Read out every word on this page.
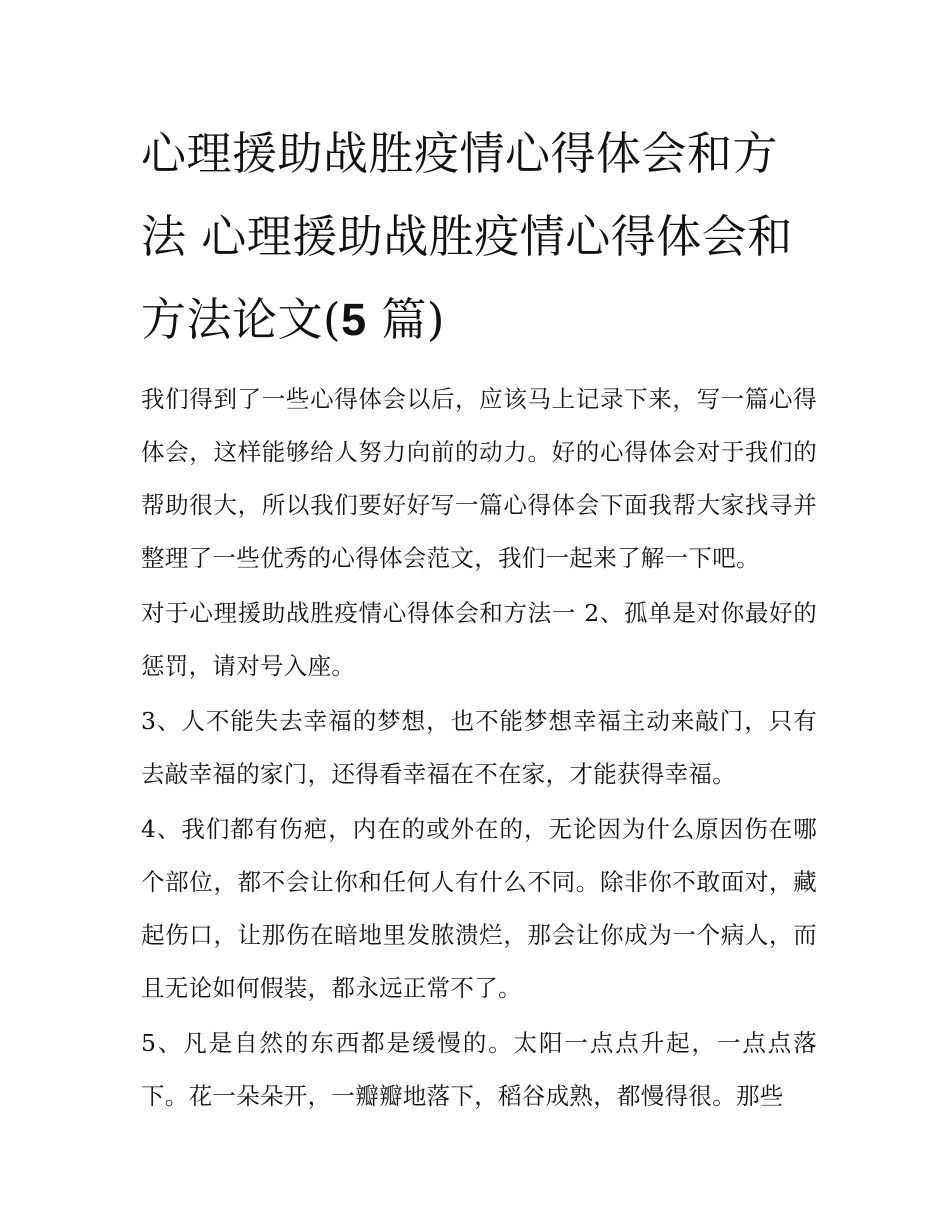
心理援助战胜疫情心得体会和方法 心理援助战胜疫情心得体会和方法论文(5 篇)

我们得到了一些心得体会以后，应该马上记录下来，写一篇心得体会，这样能够给人努力向前的动力。好的心得体会对于我们的帮助很大，所以我们要好好写一篇心得体会下面我帮大家找寻并整理了一些优秀的心得体会范文，我们一起来了解一下吧。

对于心理援助战胜疫情心得体会和方法一 2、孤单是对你最好的惩罚，请对号入座。

3、人不能失去幸福的梦想，也不能梦想幸福主动来敲门，只有去敲幸福的家门，还得看幸福在不在家，才能获得幸福。

4、我们都有伤疤，内在的或外在的，无论因为什么原因伤在哪个部位，都不会让你和任何人有什么不同。除非你不敢面对，藏起伤口，让那伤在暗地里发脓溃烂，那会让你成为一个病人，而且无论如何假装，都永远正常不了。

5、凡是自然的东西都是缓慢的。太阳一点点升起，一点点落下。花一朵朵开，一瓣瓣地落下，稻谷成熟，都慢得很。那些
